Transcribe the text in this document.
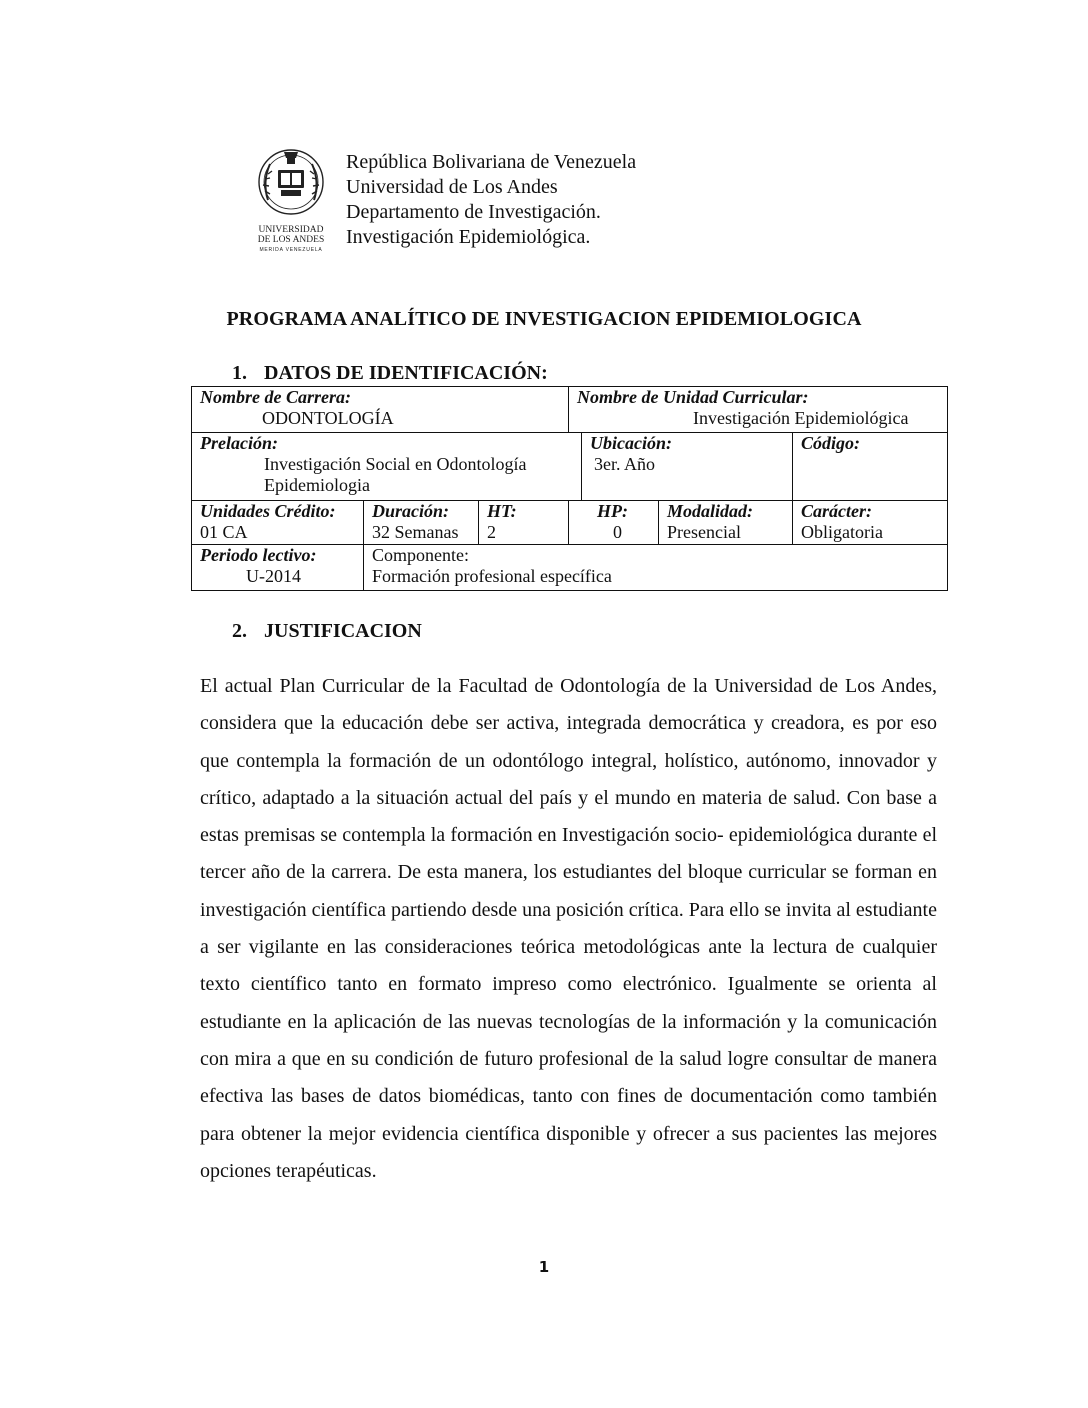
UNIVERSIDAD
DE LOS ANDES
MERIDA VENEZUELA
República Bolivariana de Venezuela
Universidad de Los Andes
Departamento de Investigación.
Investigación Epidemiológica.
PROGRAMA ANALÍTICO DE INVESTIGACION EPIDEMIOLOGICA
1. DATOS DE IDENTIFICACIÓN:
Nombre de Carrera:
ODONTOLOGÍA			Nombre de Unidad Curricular:
Investigación Epidemiológica			

Prelación:
Investigación Social en Odontología
Epidemiologia				Ubicación:
3er. Año		Código:

Unidades Crédito:
01 CA	Duración:
32 Semanas	HT:
2	HP:
0		Modalidad:
Presencial	Carácter:
Obligatoria

Periodo lectivo:
U-2014	Componente:
Formación profesional específica					
2. JUSTIFICACION
El actual Plan Curricular de la Facultad de Odontología de la Universidad de Los Andes, considera que la educación debe ser activa, integrada democrática y creadora, es por eso que contempla la formación de un odontólogo integral, holístico, autónomo, innovador y crítico, adaptado a la situación actual del país y el mundo en materia de salud. Con base a estas premisas se contempla la formación en Investigación socio- epidemiológica durante el tercer año de la carrera. De esta manera, los estudiantes del bloque curricular se forman en investigación científica partiendo desde una posición crítica. Para ello se invita al estudiante a ser vigilante en las consideraciones teórica metodológicas ante la lectura de cualquier texto científico tanto en formato impreso como electrónico. Igualmente se orienta al estudiante en la aplicación de las nuevas tecnologías de la información y la comunicación con mira a que en su condición de futuro profesional de la salud logre consultar de manera efectiva las bases de datos biomédicas, tanto con fines de documentación como también para obtener la mejor evidencia científica disponible y ofrecer a sus pacientes las mejores opciones terapéuticas.
1
